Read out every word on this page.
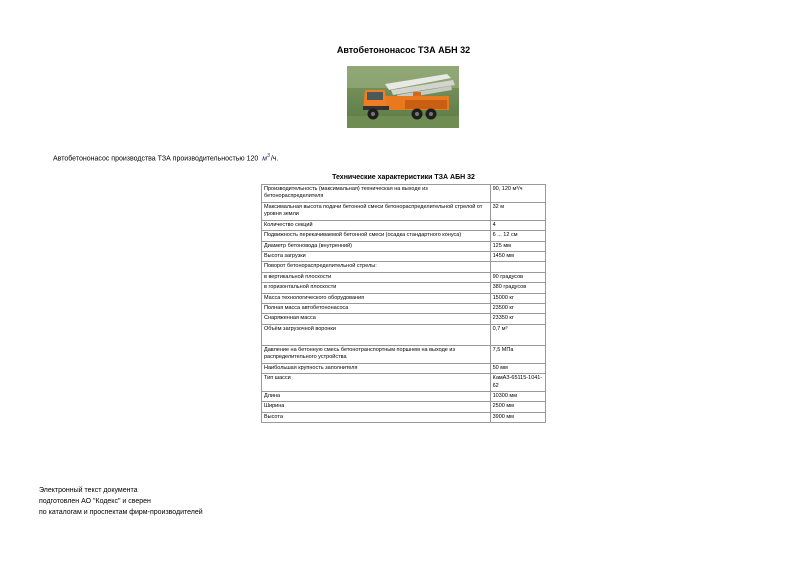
Автобетононасос ТЗА АБН 32
Автобетононасос производства ТЗА производительностью 120 $м^3/ч$.
Технические характеристики ТЗА АБН 32
Производительность (максимальная) техническая на выходе из бетонораспределителя	90, 120 м³/ч
Максимальная высота подачи бетонной смеси бетонораспределительной стрелой от уровня земли	32 м
Количество секций	4
Подвижность перекачиваемой бетонной смеси (осадка стандартного конуса)	6 ... 12 см
Диаметр бетоновода (внутренний)	125 мм
Высота загрузки	1450 мм
Поворот бетонораспределительной стрелы:	
в вертикальной плоскости	90 градусов
в горизонтальной плоскости	380 градусов
Масса технологического оборудования	15000 кг
Полная масса автобетононасоса	23500 кг
Снаряженная масса	23350 кг
Объём загрузочной воронки	0,7 м³
Давление на бетонную смесь бетонотранспортным поршнем на выходе из распределительного устройства	7,5 МПа
Наибольшая крупность заполнителя	50 мм
Тип шасси	КамАЗ-65115-1041-62
Длина	10300 мм
Ширина	2500 мм
Высота	3900 мм
Электронный текст документа
подготовлен АО "Кодекс" и сверен
по каталогам и проспектам фирм-производителей
